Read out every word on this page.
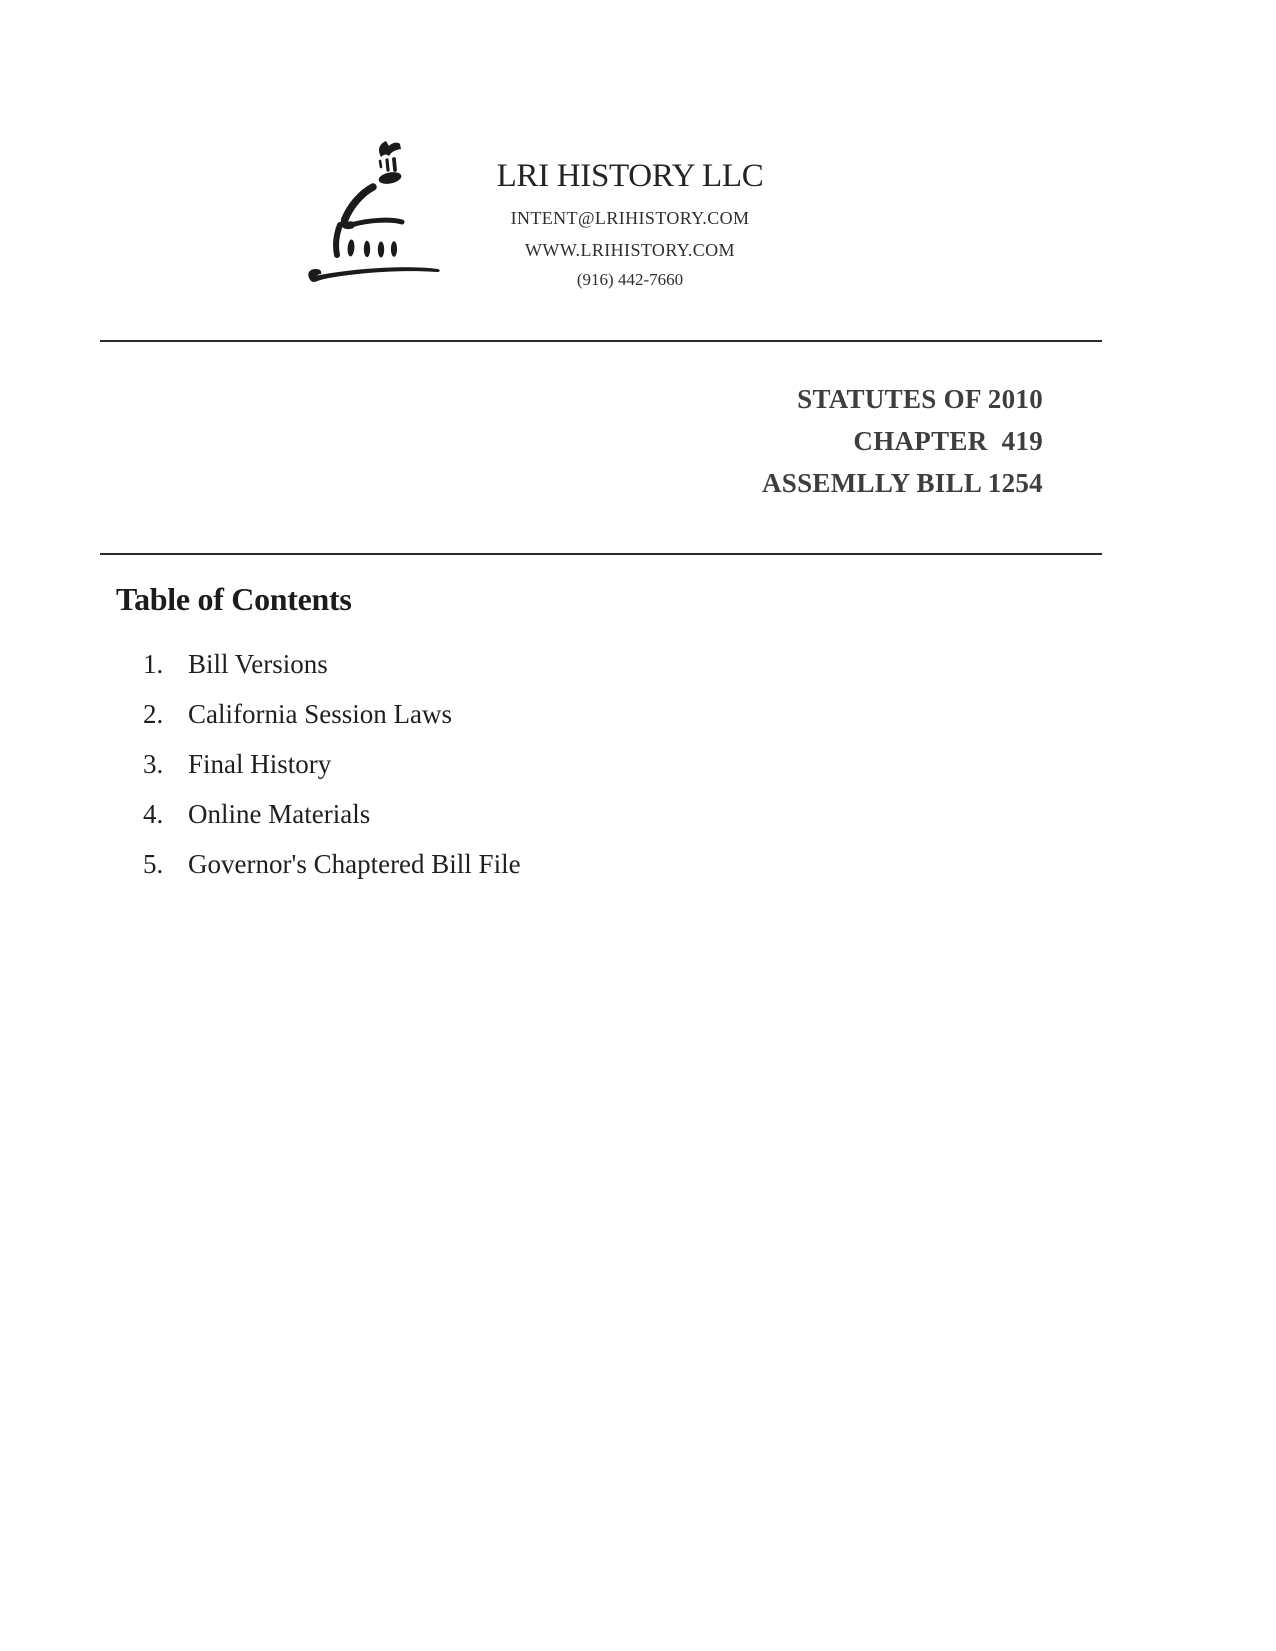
LRI HISTORY LLC
INTENT@LRIHISTORY.COM
WWW.LRIHISTORY.COM
(916) 442-7660
STATUTES OF 2010
CHAPTER  419
ASSEMLLY BILL 1254
Table of Contents
1. Bill Versions
2. California Session Laws
3. Final History
4. Online Materials
5. Governor's Chaptered Bill File
